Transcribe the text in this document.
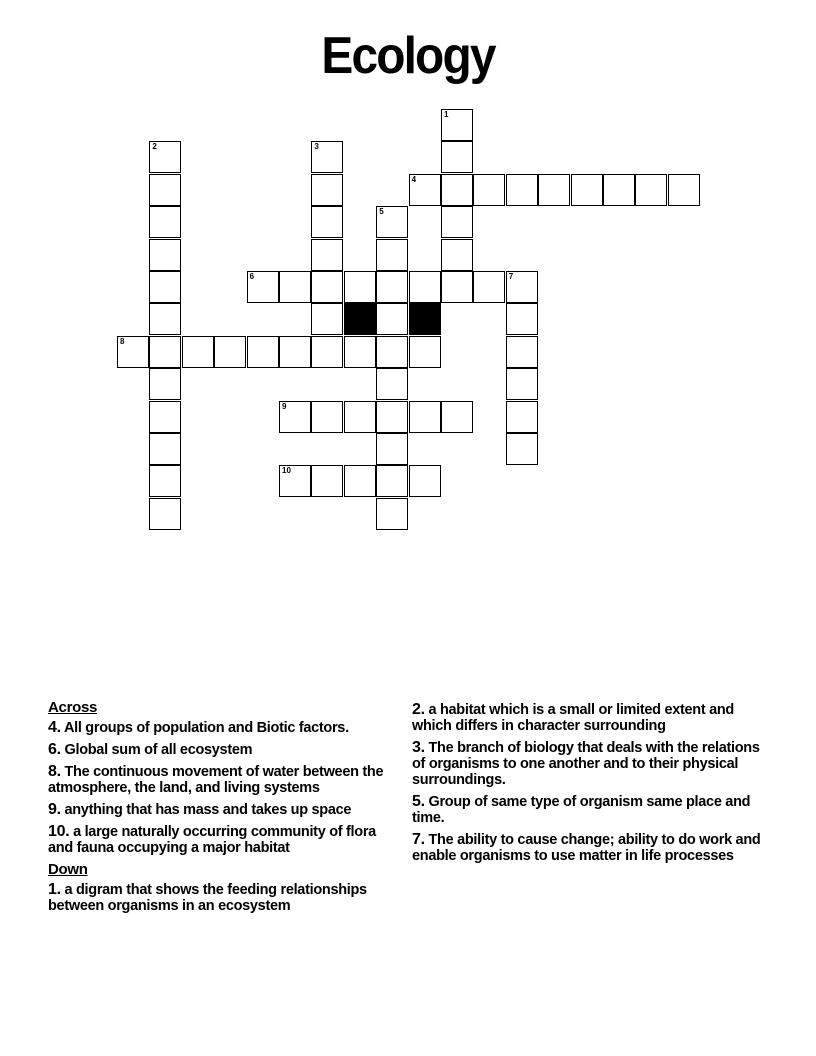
Ecology
1
2	3
4
5
6	7
8
9
10
Across
4. All groups of population and Biotic factors.
6. Global sum of all ecosystem
8. The continuous movement of water between the atmosphere, the land, and living systems
9. anything that has mass and takes up space
10. a large naturally occurring community of flora and fauna occupying a major habitat
Down
1. a digram that shows the feeding relationships between organisms in an ecosystem
2. a habitat which is a small or limited extent and which differs in character surrounding
3. The branch of biology that deals with the relations of organisms to one another and to their physical surroundings.
5. Group of same type of organism same place and time.
7. The ability to cause change; ability to do work and enable organisms to use matter in life processes
